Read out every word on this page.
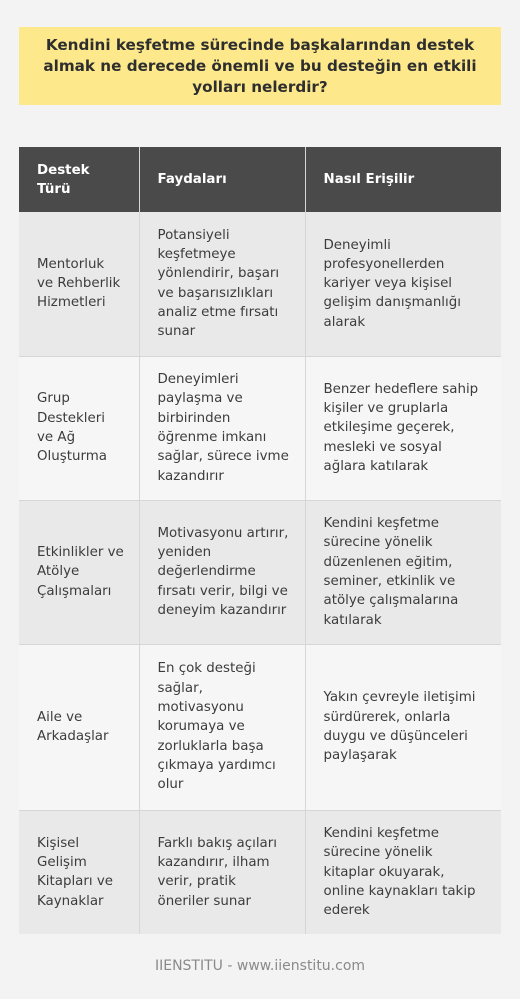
Kendini keşfetme sürecinde başkalarından destek almak ne derecede önemli ve bu desteğin en etkili yolları nelerdir?
Destek Türü	Faydaları	Nasıl Erişilir
Mentorluk ve Rehberlik Hizmetleri	Potansiyeli keşfetmeye yönlendirir, başarı ve başarısızlıkları analiz etme fırsatı sunar	Deneyimli profesyonellerden kariyer veya kişisel gelişim danışmanlığı alarak
Grup Destekleri ve Ağ Oluşturma	Deneyimleri paylaşma ve birbirinden öğrenme imkanı sağlar, sürece ivme kazandırır	Benzer hedeflere sahip kişiler ve gruplarla etkileşime geçerek, mesleki ve sosyal ağlara katılarak
Etkinlikler ve Atölye Çalışmaları	Motivasyonu artırır, yeniden değerlendirme fırsatı verir, bilgi ve deneyim kazandırır	Kendini keşfetme sürecine yönelik düzenlenen eğitim, seminer, etkinlik ve atölye çalışmalarına katılarak
Aile ve Arkadaşlar	En çok desteği sağlar, motivasyonu korumaya ve zorluklarla başa çıkmaya yardımcı olur	Yakın çevreyle iletişimi sürdürerek, onlarla duygu ve düşünceleri paylaşarak
Kişisel Gelişim Kitapları ve Kaynaklar	Farklı bakış açıları kazandırır, ilham verir, pratik öneriler sunar	Kendini keşfetme sürecine yönelik kitaplar okuyarak, online kaynakları takip ederek
IIENSTITU - www.iienstitu.com
